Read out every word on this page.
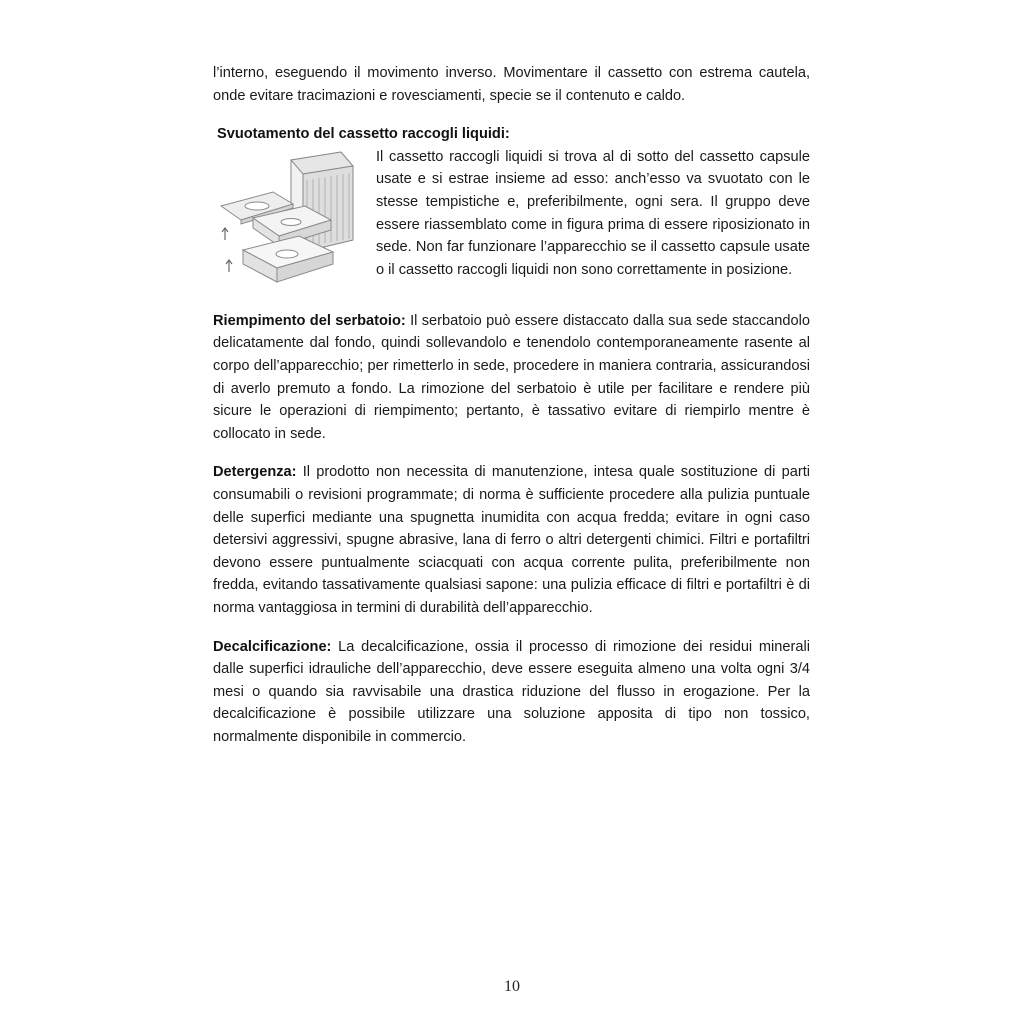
l’interno, eseguendo il movimento inverso. Movimentare il cassetto con estrema cautela, onde evitare tracimazioni e rovesciamenti, specie se il contenuto e caldo.

Svuotamento del cassetto raccogli liquidi:

Il cassetto raccogli liquidi si trova al di sotto del cassetto capsule usate e si estrae insieme ad esso: anch’esso va svuotato con le stesse tempistiche e, preferibilmente, ogni sera. Il gruppo deve essere riassemblato come in figura prima di essere riposizionato in sede. Non far funzionare l’apparecchio se il cassetto capsule usate o il cassetto raccogli liquidi non sono correttamente in posizione.

Riempimento del serbatoio: Il serbatoio può essere distaccato dalla sua sede staccandolo delicatamente dal fondo, quindi sollevandolo e tenendolo contemporaneamente rasente al corpo dell’apparecchio; per rimetterlo in sede, procedere in maniera contraria, assicurandosi di averlo premuto a fondo. La rimozione del serbatoio è utile per facilitare e rendere più sicure le operazioni di riempimento; pertanto, è tassativo evitare di riempirlo mentre è collocato in sede.

Detergenza: Il prodotto non necessita di manutenzione, intesa quale sostituzione di parti consumabili o revisioni programmate; di norma è sufficiente procedere alla pulizia puntuale delle superfici mediante una spugnetta inumidita con acqua fredda; evitare in ogni caso detersivi aggressivi, spugne abrasive, lana di ferro o altri detergenti chimici. Filtri e portafiltri devono essere puntualmente sciacquati con acqua corrente pulita, preferibilmente non fredda, evitando tassativamente qualsiasi sapone: una pulizia efficace di filtri e portafiltri è di norma vantaggiosa in termini di durabilità dell’apparecchio.

Decalcificazione: La decalcificazione, ossia il processo di rimozione dei residui minerali dalle superfici idrauliche dell’apparecchio, deve essere eseguita almeno una volta ogni 3/4 mesi o quando sia ravvisabile una drastica riduzione del flusso in erogazione. Per la decalcificazione è possibile utilizzare una soluzione apposita di tipo non tossico, normalmente disponibile in commercio.

10
